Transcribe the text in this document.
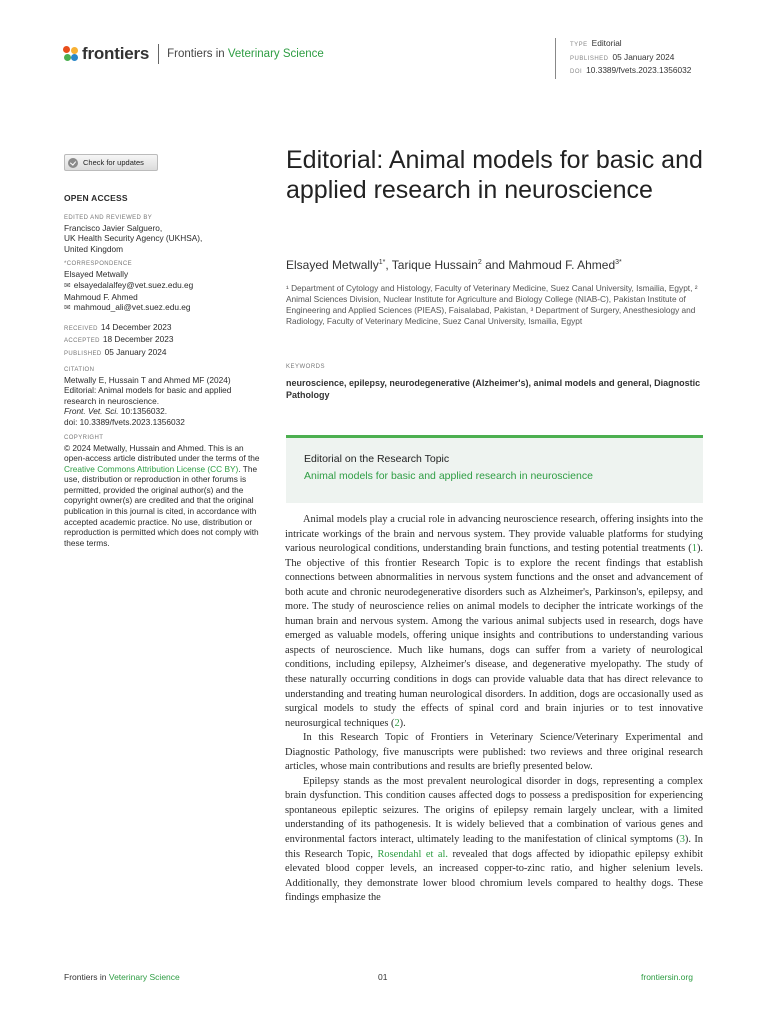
frontiers Frontiers in Veterinary Science
TYPE Editorial
PUBLISHED 05 January 2024
DOI 10.3389/fvets.2023.1356032
Check for updates
OPEN ACCESS
EDITED AND REVIEWED BY
Francisco Javier Salguero,
UK Health Security Agency (UKHSA),
United Kingdom
*CORRESPONDENCE
Elsayed Metwally
✉ elsayedalalfey@vet.suez.edu.eg
Mahmoud F. Ahmed
✉ mahmoud_ali@vet.suez.edu.eg
RECEIVED 14 December 2023
ACCEPTED 18 December 2023
PUBLISHED 05 January 2024
CITATION
Metwally E, Hussain T and Ahmed MF (2024)
Editorial: Animal models for basic and applied
research in neuroscience.
Front. Vet. Sci. 10:1356032.
doi: 10.3389/fvets.2023.1356032
COPYRIGHT
© 2024 Metwally, Hussain and Ahmed. This is an open-access article distributed under the terms of the Creative Commons Attribution License (CC BY). The use, distribution or reproduction in other forums is permitted, provided the original author(s) and the copyright owner(s) are credited and that the original publication in this journal is cited, in accordance with accepted academic practice. No use, distribution or reproduction is permitted which does not comply with these terms.
Editorial: Animal models for basic and applied research in neuroscience
Elsayed Metwally$^{1*}$, Tarique Hussain$^2$ and Mahmoud F. Ahmed$^{3*}$
¹ Department of Cytology and Histology, Faculty of Veterinary Medicine, Suez Canal University, Ismailia, Egypt, ² Animal Sciences Division, Nuclear Institute for Agriculture and Biology College (NIAB-C), Pakistan Institute of Engineering and Applied Sciences (PIEAS), Faisalabad, Pakistan, ³ Department of Surgery, Anesthesiology and Radiology, Faculty of Veterinary Medicine, Suez Canal University, Ismailia, Egypt
KEYWORDS
neuroscience, epilepsy, neurodegenerative (Alzheimer's), animal models and general, Diagnostic Pathology
Editorial on the Research Topic
Animal models for basic and applied research in neuroscience

Animal models play a crucial role in advancing neuroscience research, offering insights into the intricate workings of the brain and nervous system. They provide valuable platforms for studying various neurological conditions, understanding brain functions, and testing potential treatments (1). The objective of this frontier Research Topic is to explore the recent findings that establish connections between abnormalities in nervous system functions and the onset and advancement of both acute and chronic neurodegenerative disorders such as Alzheimer's, Parkinson's, epilepsy, and more. The study of neuroscience relies on animal models to decipher the intricate workings of the human brain and nervous system. Among the various animal subjects used in research, dogs have emerged as valuable models, offering unique insights and contributions to understanding various aspects of neuroscience. Much like humans, dogs can suffer from a variety of neurological conditions, including epilepsy, Alzheimer's disease, and degenerative myelopathy. The study of these naturally occurring conditions in dogs can provide valuable data that has direct relevance to understanding and treating human neurological disorders. In addition, dogs are occasionally used as surgical models to study the effects of spinal cord and brain injuries or to test innovative neurosurgical techniques (2).

In this Research Topic of Frontiers in Veterinary Science/Veterinary Experimental and Diagnostic Pathology, five manuscripts were published: two reviews and three original research articles, whose main contributions and results are briefly presented below.

Epilepsy stands as the most prevalent neurological disorder in dogs, representing a complex brain dysfunction. This condition causes affected dogs to possess a predisposition for experiencing spontaneous epileptic seizures. The origins of epilepsy remain largely unclear, with a limited understanding of its pathogenesis. It is widely believed that a combination of various genes and environmental factors interact, ultimately leading to the manifestation of clinical symptoms (3). In this Research Topic, Rosendahl et al. revealed that dogs affected by idiopathic epilepsy exhibit elevated blood copper levels, an increased copper-to-zinc ratio, and higher selenium levels. Additionally, they demonstrate lower blood chromium levels compared to healthy dogs. These findings emphasize the

Frontiers in Veterinary Science	01	frontiersin.org
